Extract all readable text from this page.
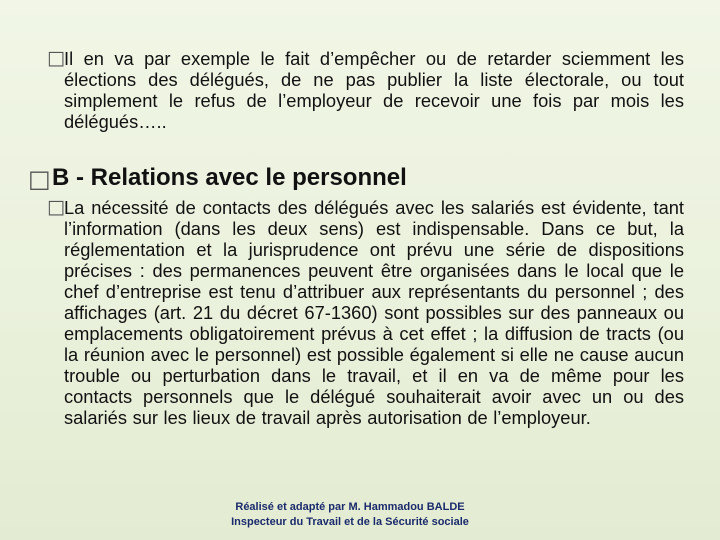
□ Il en va par exemple le fait d’empêcher ou de retarder sciemment les élections des délégués, de ne pas publier la liste électorale, ou tout simplement le refus de l’employeur de recevoir une fois par mois les délégués…..

□ B - Relations avec le personnel
□ La nécessité de contacts des délégués avec les salariés est évidente, tant l’information (dans les deux sens) est indispensable. Dans ce but, la réglementation et la jurisprudence ont prévu une série de dispositions précises : des permanences peuvent être organisées dans le local que le chef d’entreprise est tenu d’attribuer aux représentants du personnel ; des affichages (art. 21 du décret 67-1360) sont possibles sur des panneaux ou emplacements obligatoirement prévus à cet effet ; la diffusion de tracts (ou la réunion avec le personnel) est possible également si elle ne cause aucun trouble ou perturbation dans le travail, et il en va de même pour les contacts personnels que le délégué souhaiterait avoir avec un ou des salariés sur les lieux de travail après autorisation de l’employeur.

Réalisé et adapté par M. Hammadou BALDE
Inspecteur du Travail et de la Sécurité sociale
